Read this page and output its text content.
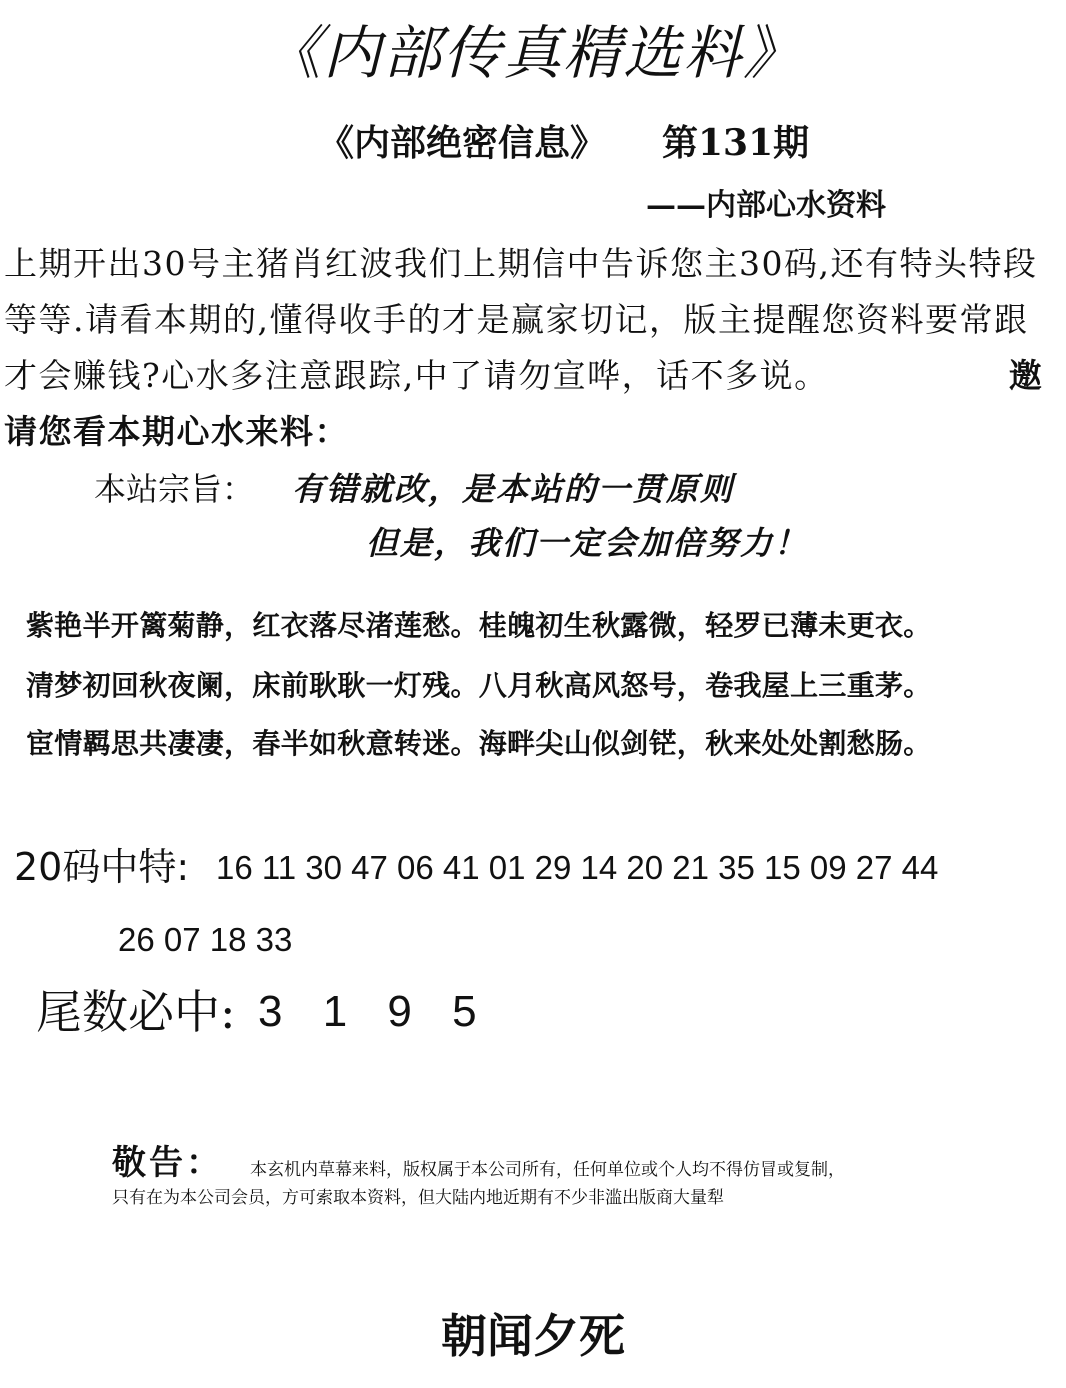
《内部传真精选料》
《内部绝密信息》 第131期
——内部心水资料
上期开出30号主猪肖红波我们上期信中告诉您主30码,还有特头特段等等.请看本期的,懂得收手的才是赢家切记，版主提醒您资料要常跟才会赚钱?心水多注意跟踪,中了请勿宣哗，话不多说。	邀请您看本期心水来料：
本站宗旨： 有错就改，是本站的一贯原则
但是，我们一定会加倍努力！
紫艳半开篱菊静，红衣落尽渚莲愁。桂魄初生秋露微，轻罗已薄未更衣。
清梦初回秋夜阑，床前耿耿一灯残。八月秋高风怒号，卷我屋上三重茅。
宦情羁思共凄凄，春半如秋意转迷。海畔尖山似剑铓，秋来处处割愁肠。
20码中特: 16 11 30 47 06 41 01 29 14 20 21 35 15 09 27 44
26 07 18 33
尾数必中: 3 1 9 5
敬告： 本玄机内草幕来料，版权属于本公司所有，任何单位或个人均不得仿冒或复制，
只有在为本公司会员，方可索取本资料，但大陆内地近期有不少非滥出版商大量犁
朝闻夕死
